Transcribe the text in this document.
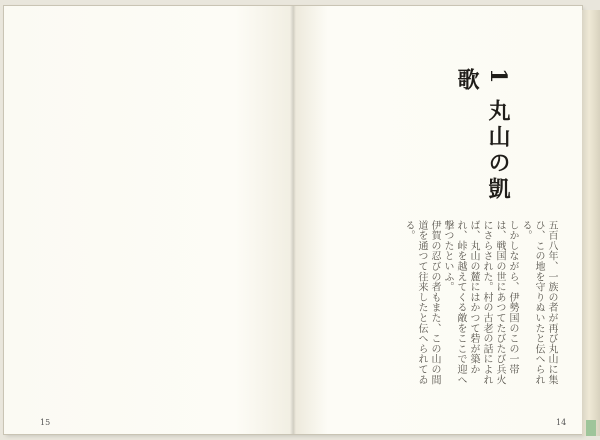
15
1 丸山の凱歌

五百八年、一族の者が再び丸山に集ひ、この地を守りぬいたと伝へられる。

しかしながら、伊勢国のこの一帯は、戦国の世にあつてたびたび兵火にさらされた。村の古老の話によれば、丸山の麓にはかつて砦が築かれ、峠を越えてくる敵をここで迎へ撃つたといふ。

伊賀の忍びの者もまた、この山の間道を通つて往来したと伝へられてゐる。

14
